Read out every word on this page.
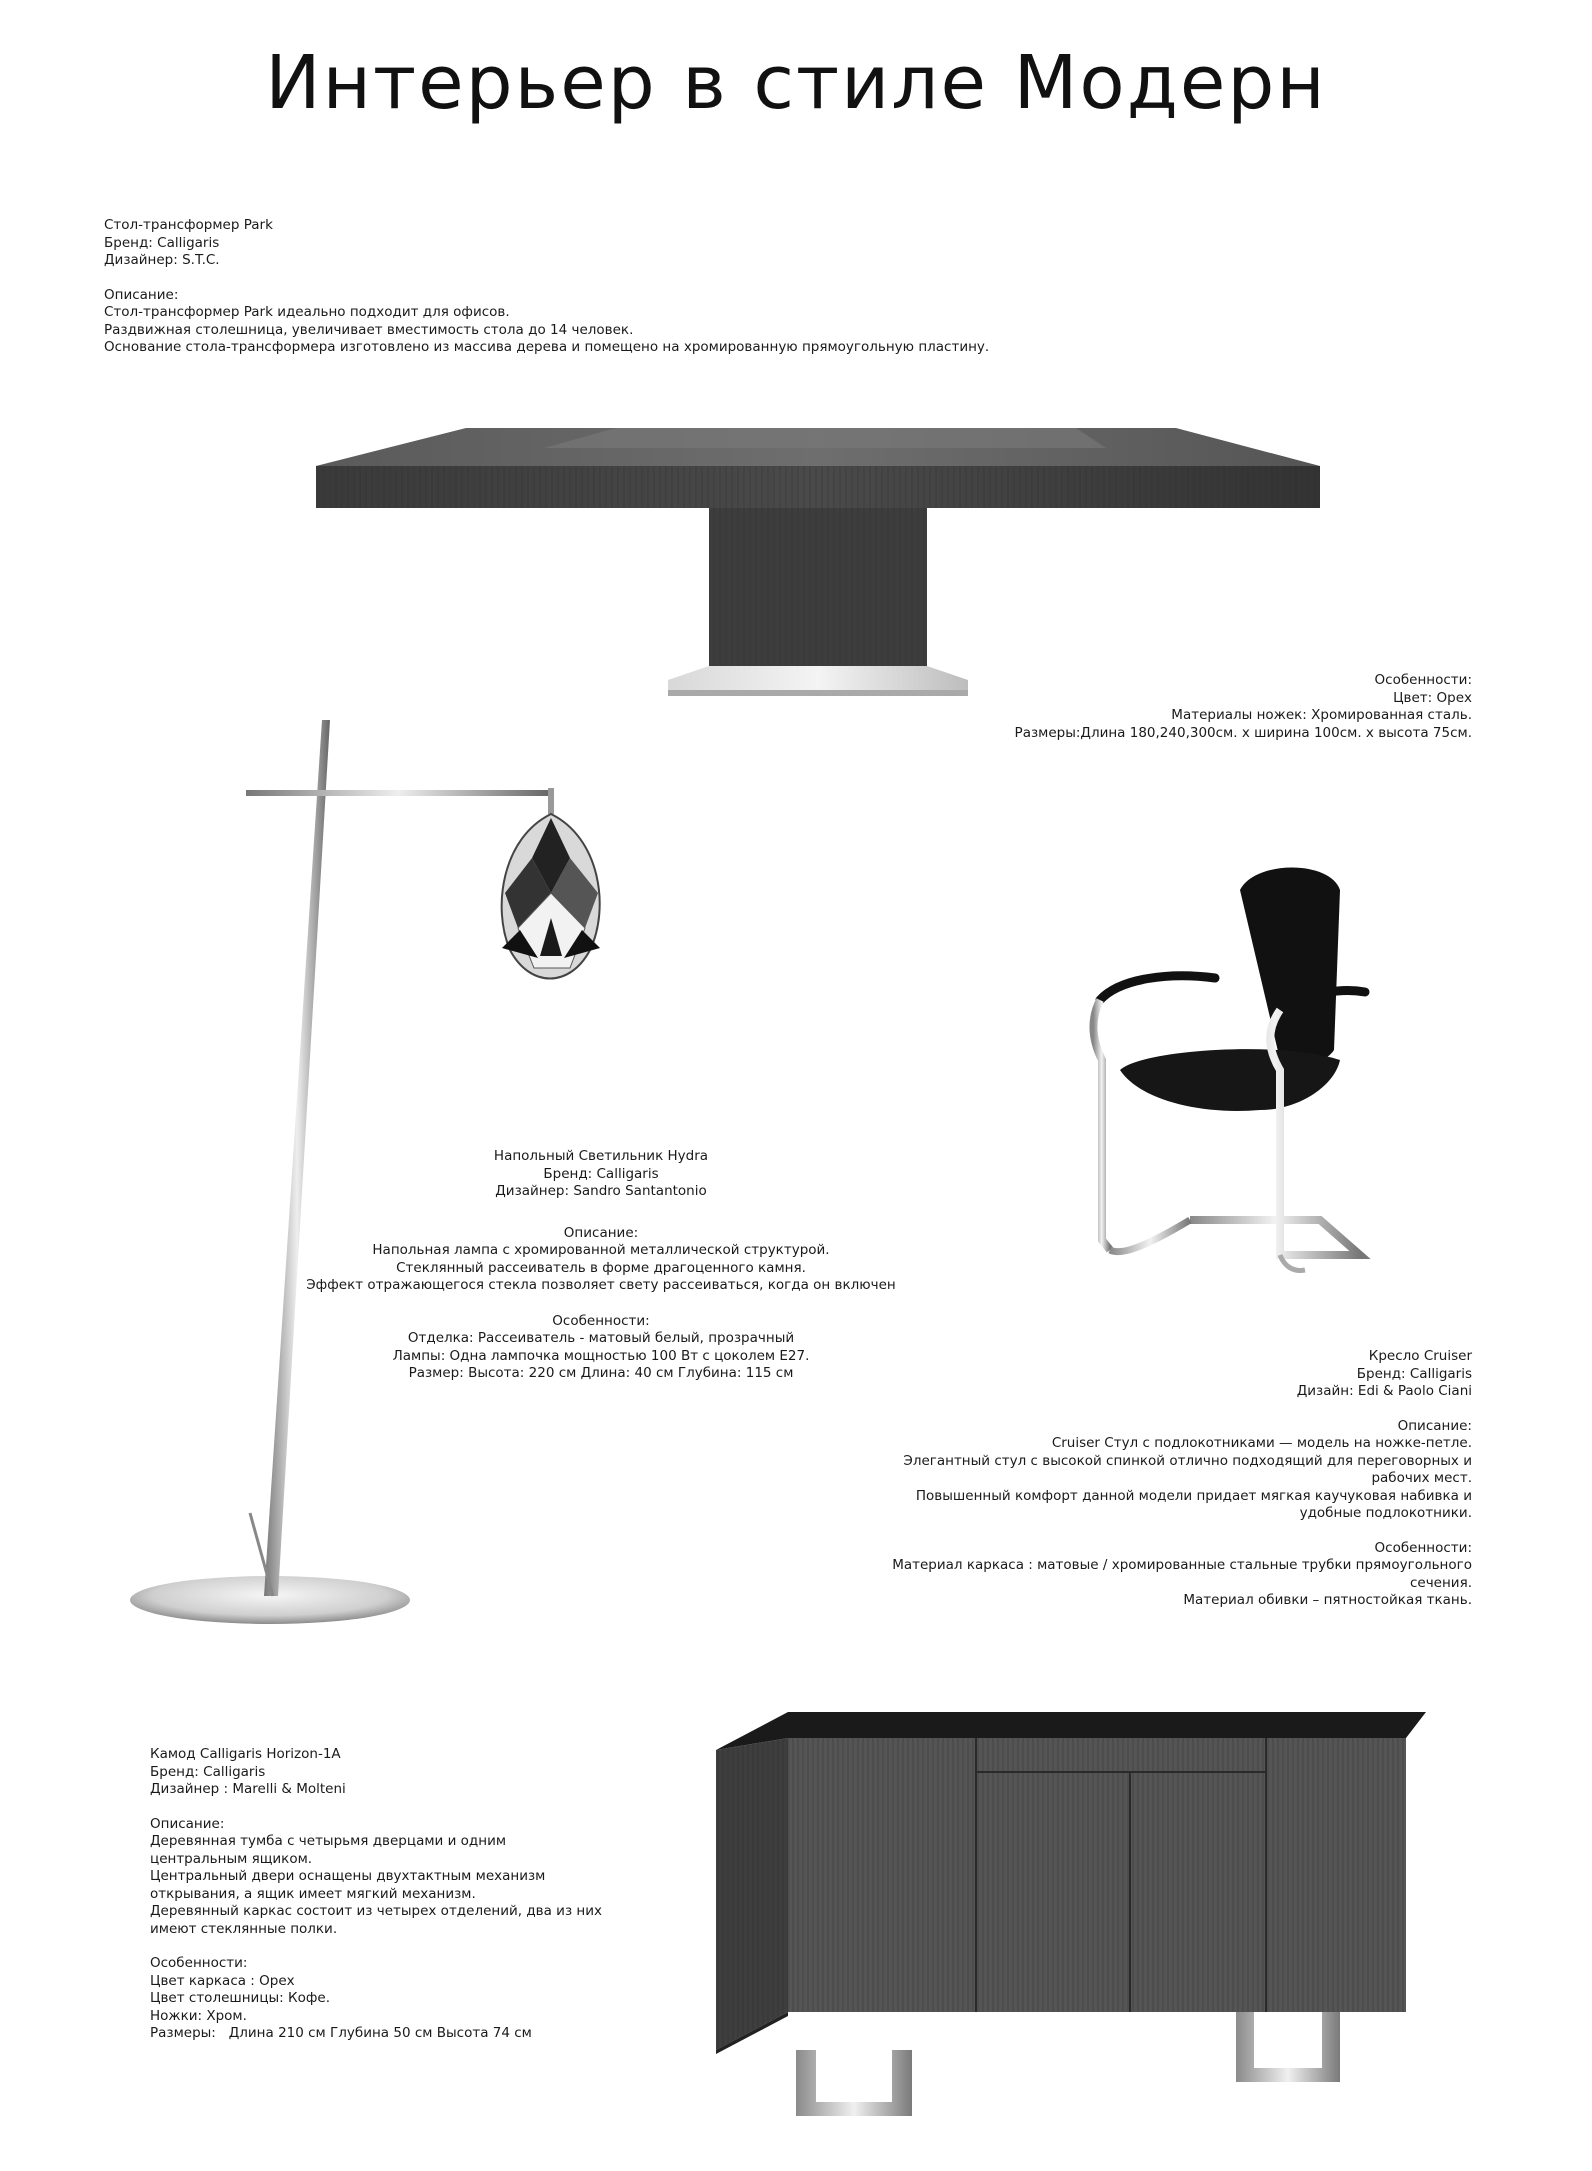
Интерьер в стиле Модерн
Стол-трансформер Park
Бренд: Calligaris
Дизайнер: S.T.C.
Описание:
Стол-трансформер Park идеально подходит для офисов.
Раздвижная столешница, увеличивает вместимость стола до 14 человек.
Основание стола-трансформера изготовлено из массива дерева и помещено на хромированную прямоугольную пластину.
Особенности:
Цвет: Орех
Материалы ножек: Хромированная сталь.
Размеры:Длина 180,240,300см. х ширина 100см. х высота 75см.
Напольный Светильник Hydra
Бренд: Calligaris
Дизайнер: Sandro Santantonio
Описание:
Напольная лампа с хромированной металлической структурой.
Стеклянный рассеиватель в форме драгоценного камня.
Эффект отражающегося стекла позволяет свету рассеиваться, когда он включен
Особенности:
Отделка: Рассеиватель - матовый белый, прозрачный
Лампы: Одна лампочка мощностью 100 Вт с цоколем E27.
Размер: Высота: 220 см Длина: 40 см Глубина: 115 см
Кресло Cruiser
Бренд: Calligaris
Дизайн: Edi & Paolo Ciani
Описание:
Cruiser Стул с подлокотниками — модель на ножке-петле.
Элегантный стул с высокой спинкой отлично подходящий для переговорных и
рабочих мест.
Повышенный комфорт данной модели придает мягкая каучуковая набивка и
удобные подлокотники.
Особенности:
Материал каркаса : матовые / хромированные стальные трубки прямоугольного
сечения.
Материал обивки – пятностойкая ткань.
Камод Calligaris Horizon-1A
Бренд: Calligaris
Дизайнер : Marelli & Molteni
Описание:
Деревянная тумба с четырьмя дверцами и одним
центральным ящиком.
Центральный двери оснащены двухтактным механизм
открывания, а ящик имеет мягкий механизм.
Деревянный каркас состоит из четырех отделений, два из них
имеют стеклянные полки.
Особенности:
Цвет каркаса : Орех
Цвет столешницы: Кофе.
Ножки: Хром.
Размеры:   Длина 210 см Глубина 50 см Высота 74 см
